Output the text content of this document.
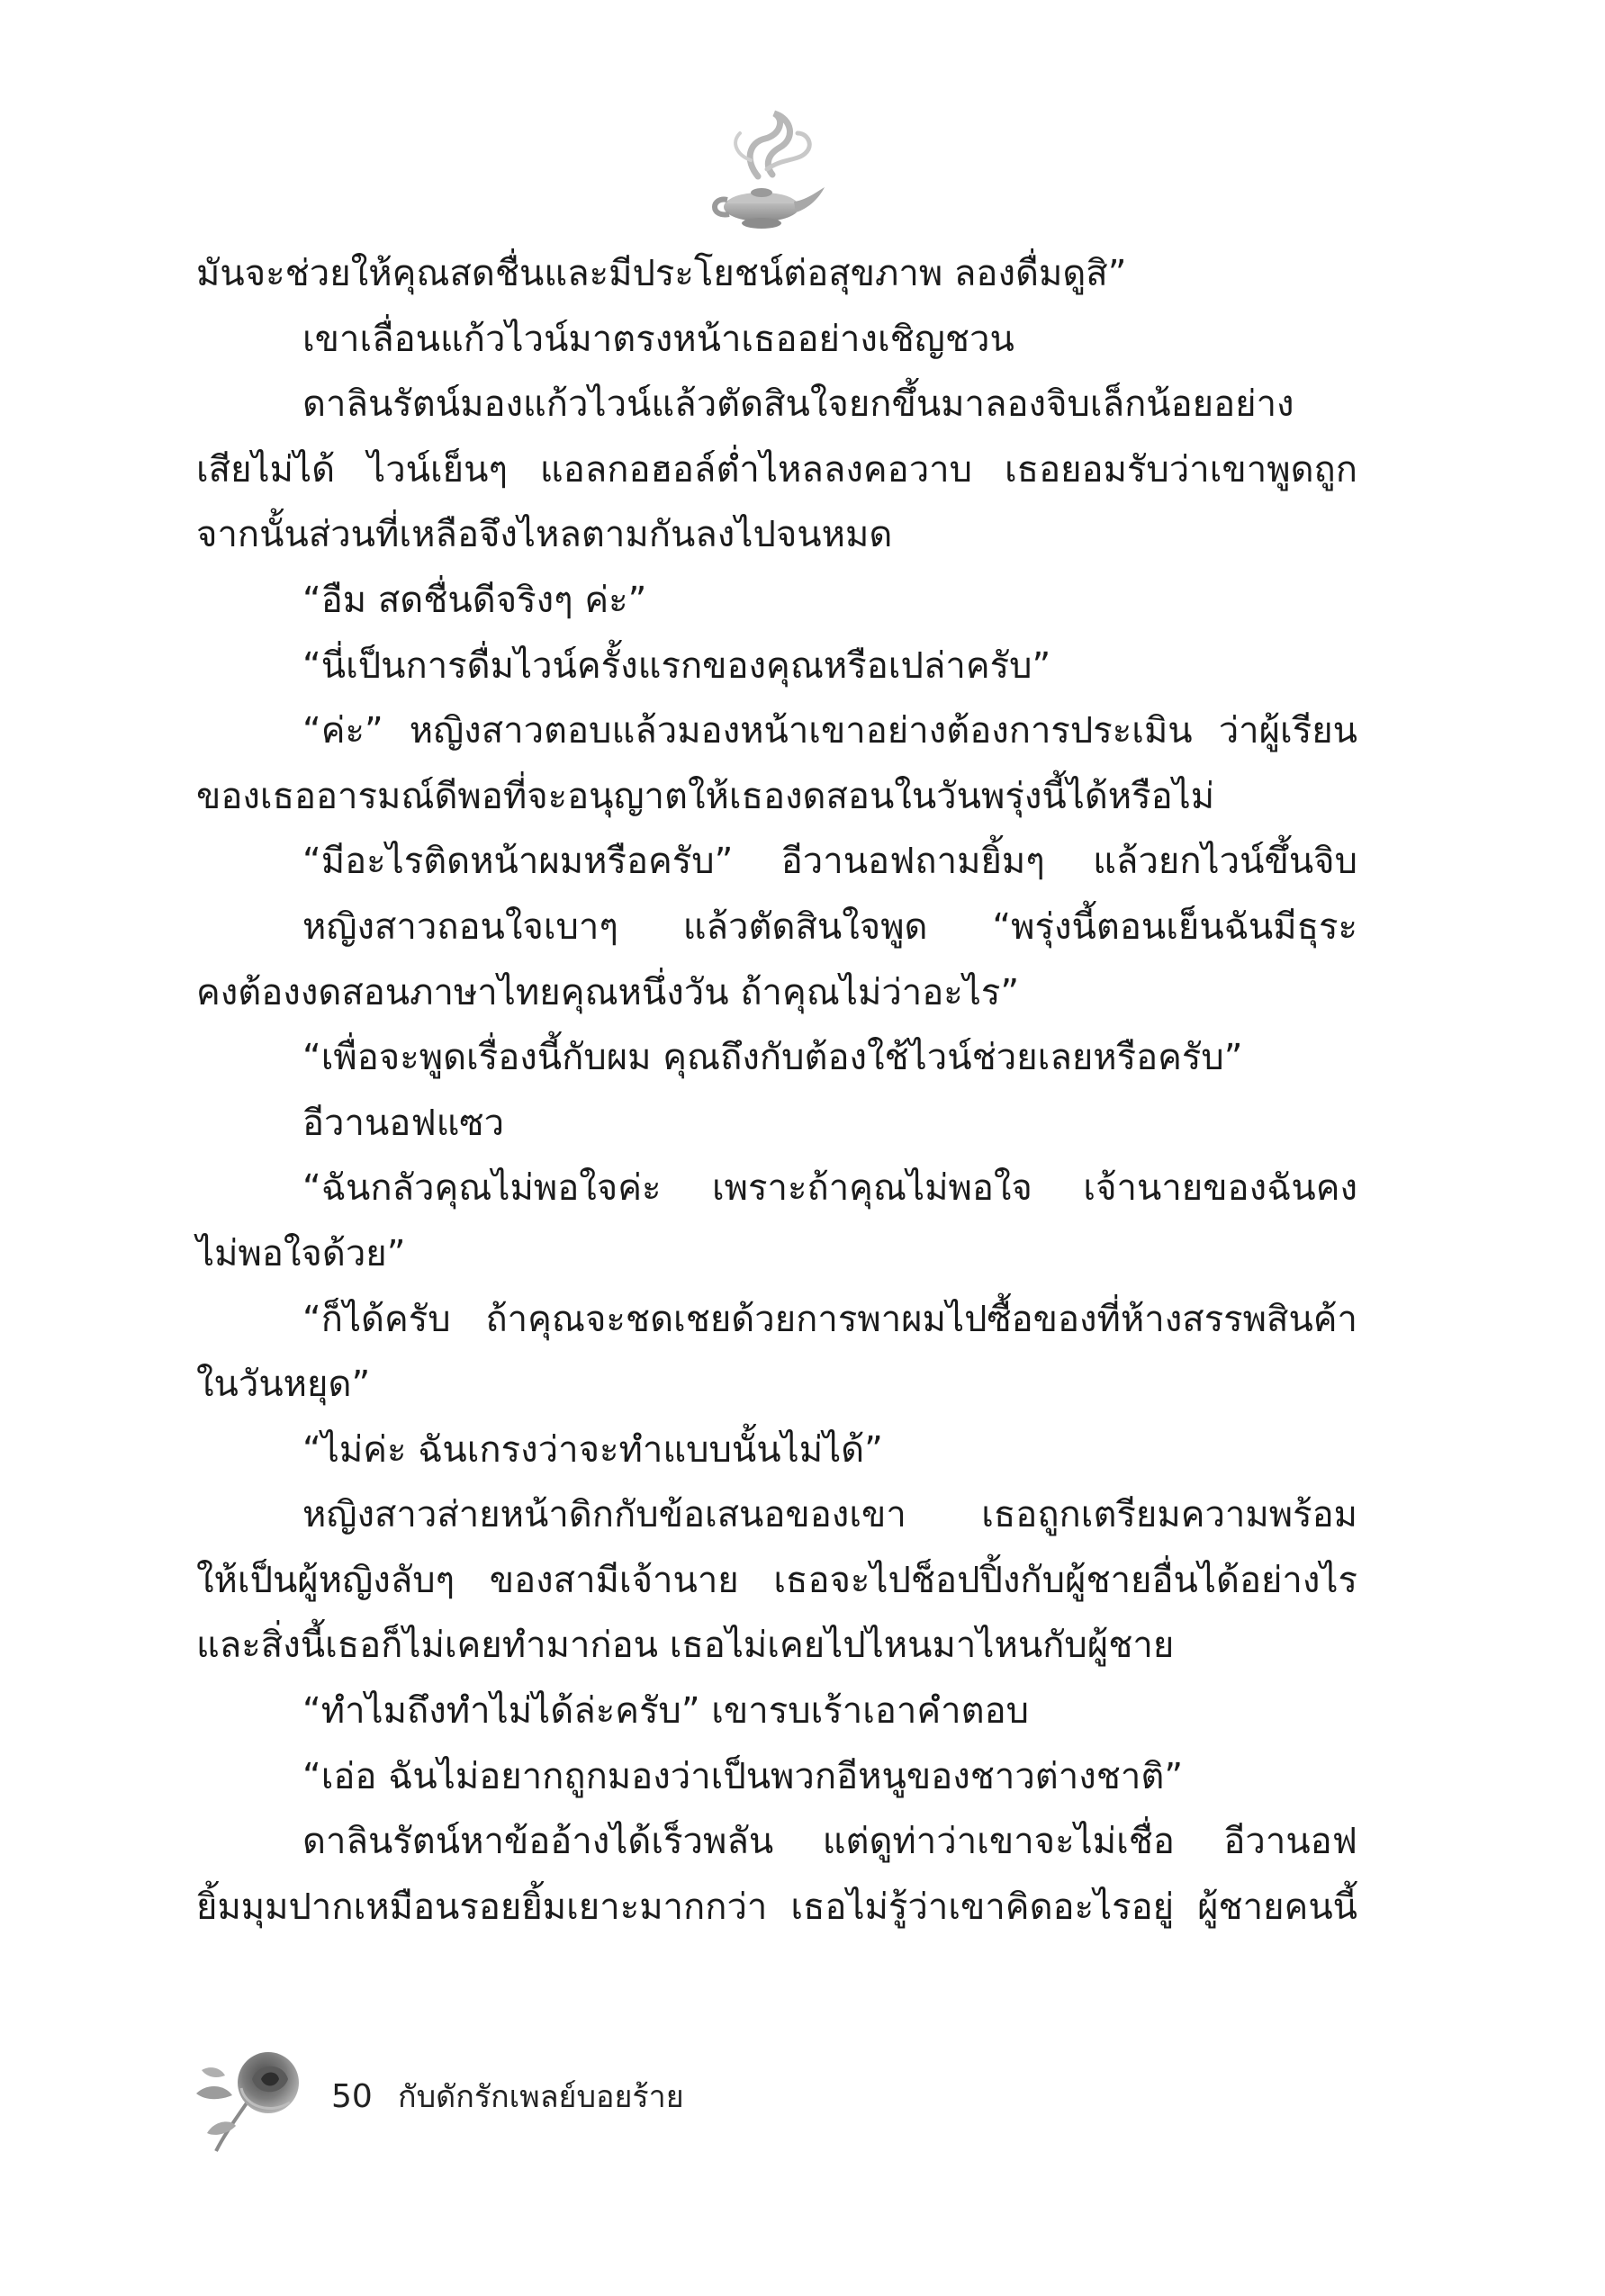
มันจะช่วยให้คุณสดชื่นและมีประโยชน์ต่อสุขภาพ ลองดื่มดูสิ”
เขาเลื่อนแก้วไวน์มาตรงหน้าเธออย่างเชิญชวน
ดาลินรัตน์มองแก้วไวน์แล้วตัดสินใจยกขึ้นมาลองจิบเล็กน้อยอย่าง
เสียไม่ได้ ไวน์เย็นๆ แอลกอฮอล์ต่ำไหลลงคอวาบ เธอยอมรับว่าเขาพูดถูก
จากนั้นส่วนที่เหลือจึงไหลตามกันลงไปจนหมด
“อืม สดชื่นดีจริงๆ ค่ะ”
“นี่เป็นการดื่มไวน์ครั้งแรกของคุณหรือเปล่าครับ”
“ค่ะ” หญิงสาวตอบแล้วมองหน้าเขาอย่างต้องการประเมิน ว่าผู้เรียน
ของเธออารมณ์ดีพอที่จะอนุญาตให้เธองดสอนในวันพรุ่งนี้ได้หรือไม่
“มีอะไรติดหน้าผมหรือครับ” อีวานอฟถามยิ้มๆ แล้วยกไวน์ขึ้นจิบ
หญิงสาวถอนใจเบาๆ แล้วตัดสินใจพูด “พรุ่งนี้ตอนเย็นฉันมีธุระ
คงต้องงดสอนภาษาไทยคุณหนึ่งวัน ถ้าคุณไม่ว่าอะไร”
“เพื่อจะพูดเรื่องนี้กับผม คุณถึงกับต้องใช้ไวน์ช่วยเลยหรือครับ”
อีวานอฟแซว
“ฉันกลัวคุณไม่พอใจค่ะ เพราะถ้าคุณไม่พอใจ เจ้านายของฉันคง
ไม่พอใจด้วย”
“ก็ได้ครับ ถ้าคุณจะชดเชยด้วยการพาผมไปซื้อของที่ห้างสรรพสินค้า
ในวันหยุด”
“ไม่ค่ะ ฉันเกรงว่าจะทำแบบนั้นไม่ได้”
หญิงสาวส่ายหน้าดิกกับข้อเสนอของเขา เธอถูกเตรียมความพร้อม
ให้เป็นผู้หญิงลับๆ ของสามีเจ้านาย เธอจะไปช็อปปิ้งกับผู้ชายอื่นได้อย่างไร
และสิ่งนี้เธอก็ไม่เคยทำมาก่อน เธอไม่เคยไปไหนมาไหนกับผู้ชาย
“ทำไมถึงทำไม่ได้ล่ะครับ” เขารบเร้าเอาคำตอบ
“เอ่อ ฉันไม่อยากถูกมองว่าเป็นพวกอีหนูของชาวต่างชาติ”
ดาลินรัตน์หาข้ออ้างได้เร็วพลัน แต่ดูท่าว่าเขาจะไม่เชื่อ อีวานอฟ
ยิ้มมุมปากเหมือนรอยยิ้มเยาะมากกว่า เธอไม่รู้ว่าเขาคิดอะไรอยู่ ผู้ชายคนนี้
50 กับดักรักเพลย์บอยร้าย
